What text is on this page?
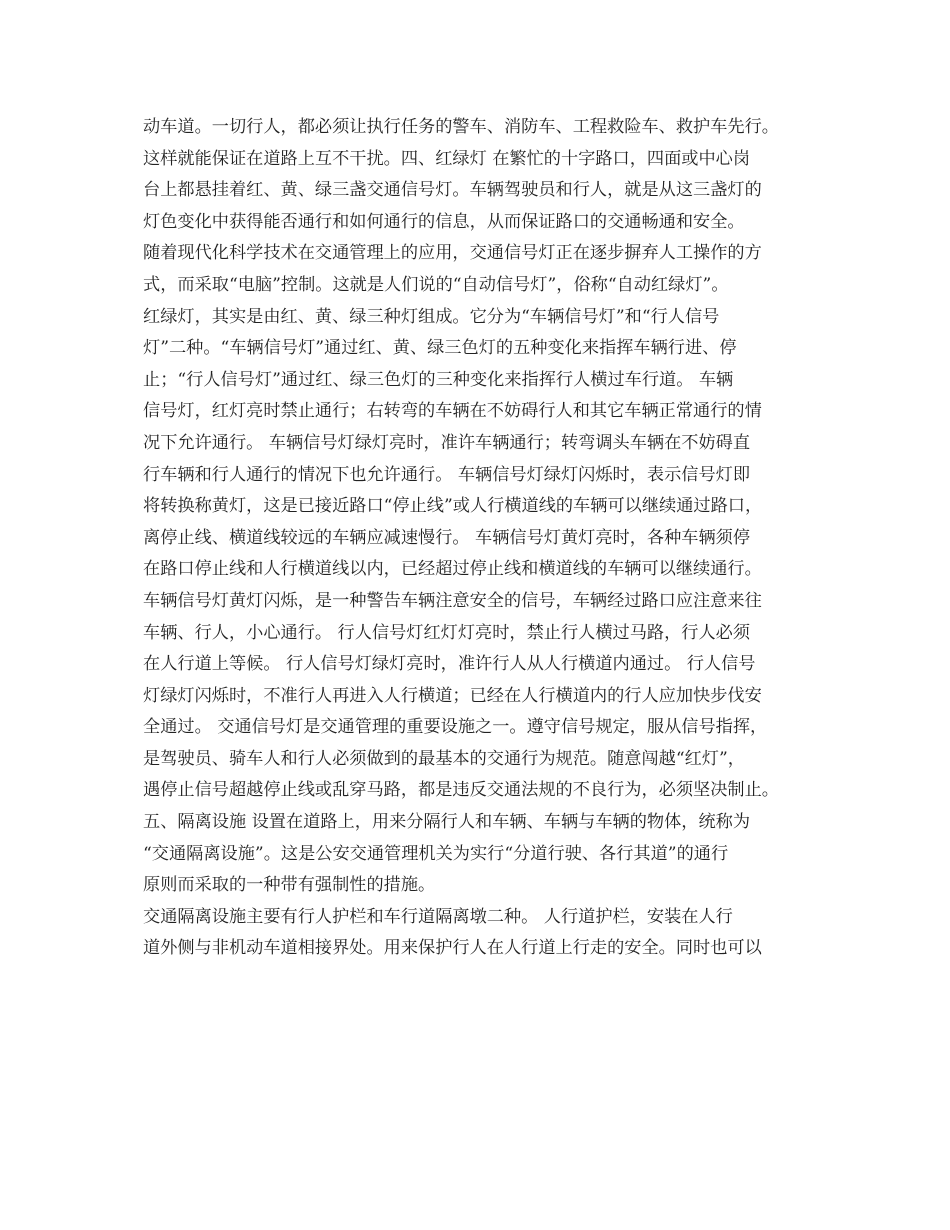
动车道。一切行人，都必须让执行任务的警车、消防车、工程救险车、救护车先行。
这样就能保证在道路上互不干扰。四、红绿灯 在繁忙的十字路口，四面或中心岗
台上都悬挂着红、黄、绿三盏交通信号灯。车辆驾驶员和行人，就是从这三盏灯的
灯色变化中获得能否通行和如何通行的信息，从而保证路口的交通畅通和安全。
随着现代化科学技术在交通管理上的应用，交通信号灯正在逐步摒弃人工操作的方
式，而采取“电脑”控制。这就是人们说的“自动信号灯”，俗称“自动红绿灯”。
红绿灯，其实是由红、黄、绿三种灯组成。它分为“车辆信号灯”和“行人信号
灯”二种。“车辆信号灯”通过红、黄、绿三色灯的五种变化来指挥车辆行进、停
止；“行人信号灯”通过红、绿三色灯的三种变化来指挥行人横过车行道。 车辆
信号灯，红灯亮时禁止通行；右转弯的车辆在不妨碍行人和其它车辆正常通行的情
况下允许通行。 车辆信号灯绿灯亮时，准许车辆通行；转弯调头车辆在不妨碍直
行车辆和行人通行的情况下也允许通行。 车辆信号灯绿灯闪烁时，表示信号灯即
将转换称黄灯，这是已接近路口“停止线”或人行横道线的车辆可以继续通过路口，
离停止线、横道线较远的车辆应减速慢行。 车辆信号灯黄灯亮时，各种车辆须停
在路口停止线和人行横道线以内，已经超过停止线和横道线的车辆可以继续通行。
车辆信号灯黄灯闪烁，是一种警告车辆注意安全的信号，车辆经过路口应注意来往
车辆、行人，小心通行。 行人信号灯红灯灯亮时，禁止行人横过马路，行人必须
在人行道上等候。 行人信号灯绿灯亮时，准许行人从人行横道内通过。 行人信号
灯绿灯闪烁时，不准行人再进入人行横道；已经在人行横道内的行人应加快步伐安
全通过。 交通信号灯是交通管理的重要设施之一。遵守信号规定，服从信号指挥，
是驾驶员、骑车人和行人必须做到的最基本的交通行为规范。随意闯越“红灯”，
遇停止信号超越停止线或乱穿马路，都是违反交通法规的不良行为，必须坚决制止。
五、隔离设施 设置在道路上，用来分隔行人和车辆、车辆与车辆的物体，统称为
“交通隔离设施”。这是公安交通管理机关为实行“分道行驶、各行其道”的通行
原则而采取的一种带有强制性的措施。
交通隔离设施主要有行人护栏和车行道隔离墩二种。 人行道护栏，安装在人行
道外侧与非机动车道相接界处。用来保护行人在人行道上行走的安全。同时也可以
